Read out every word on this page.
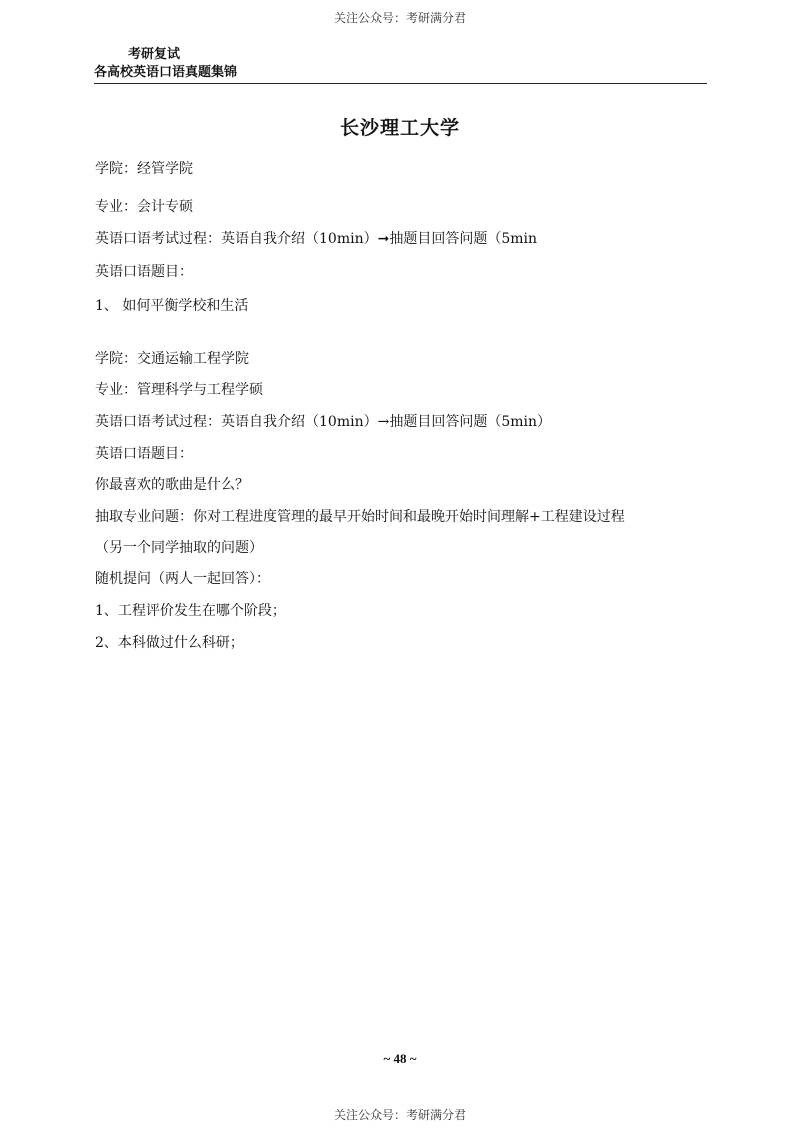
关注公众号：考研满分君
考研复试
各高校英语口语真题集锦
长沙理工大学
学院：经管学院
专业：会计专硕
英语口语考试过程：英语自我介绍（10min）➞抽题目回答问题（5min
英语口语题目：
1、 如何平衡学校和生活
学院：交通运输工程学院
专业：管理科学与工程学硕
英语口语考试过程：英语自我介绍（10min）→抽题目回答问题（5min）
英语口语题目：
你最喜欢的歌曲是什么？
抽取专业问题：你对工程进度管理的最早开始时间和最晚开始时间理解+工程建设过程
（另一个同学抽取的问题）
随机提问（两人一起回答）：
1、工程评价发生在哪个阶段；
2、本科做过什么科研；
~ 48 ~
关注公众号：考研满分君
